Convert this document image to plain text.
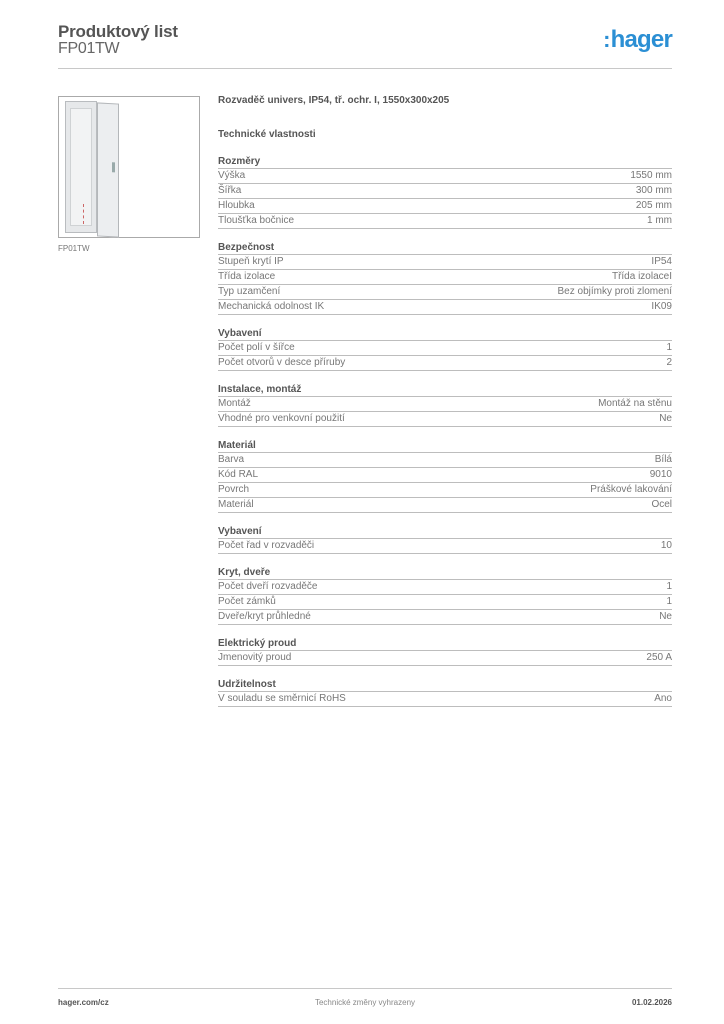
Produktový list
FP01TW	:hager
FP01TW
Rozvaděč univers, IP54, tř. ochr. I, 1550x300x205
Technické vlastnosti
Rozměry
Výška	1550 mm
Šířka	300 mm
Hloubka	205 mm
Tloušťka bočnice	1 mm
Bezpečnost
Stupeň krytí IP	IP54
Třída izolace	Třída izolaceI
Typ uzamčení	Bez objímky proti zlomení
Mechanická odolnost IK	IK09
Vybavení
Počet polí v šířce	1
Počet otvorů v desce příruby	2
Instalace, montáž
Montáž	Montáž na stěnu
Vhodné pro venkovní použití	Ne
Materiál
Barva	Bílá
Kód RAL	9010
Povrch	Práškové lakování
Materiál	Ocel
Vybavení
Počet řad v rozvaděči	10
Kryt, dveře
Počet dveří rozvaděče	1
Počet zámků	1
Dveře/kryt průhledné	Ne
Elektrický proud
Jmenovitý proud	250 A
Udržitelnost
V souladu se směrnicí RoHS	Ano
hager.com/cz	Technické změny vyhrazeny	01.02.2026
